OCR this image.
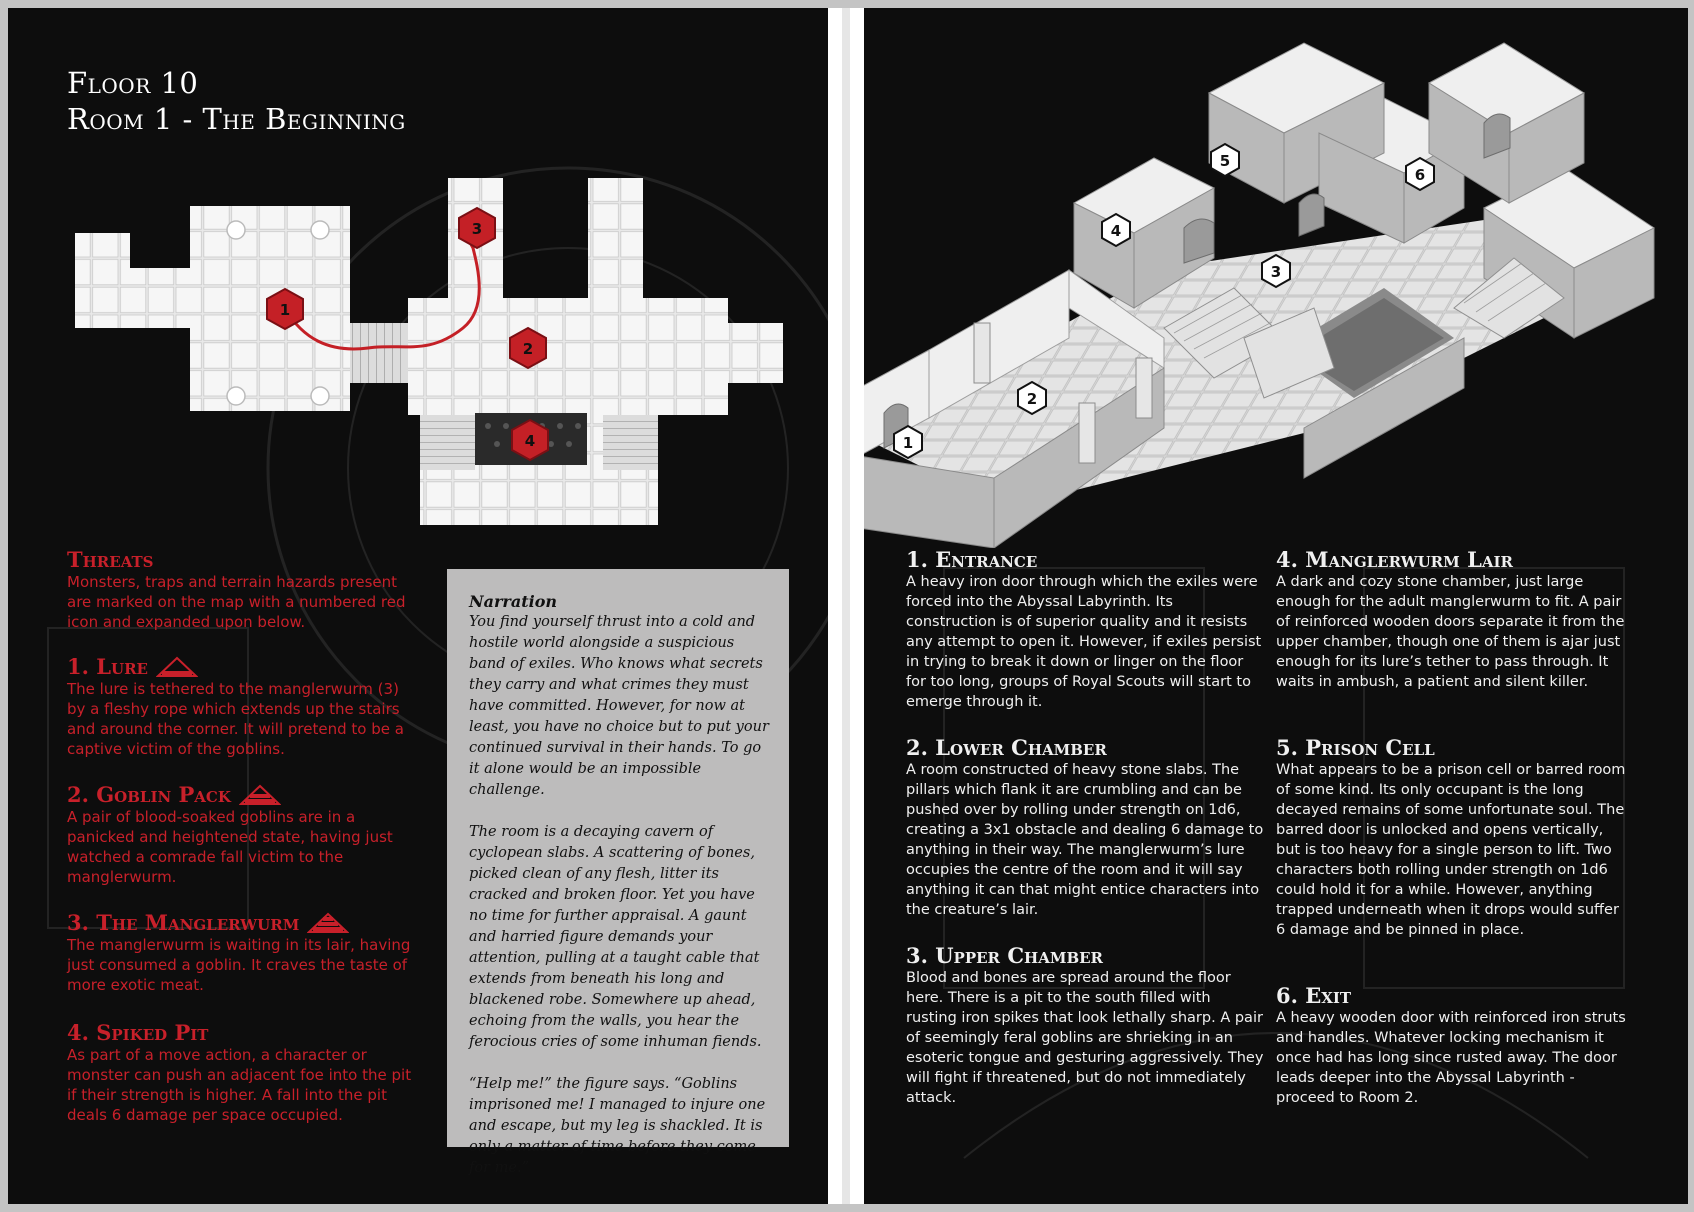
Floor 10
Room 1 - The Beginning
1
2
3
4
Threats

Monsters, traps and terrain hazards present are marked on the map with a numbered red icon and expanded upon below.

1. Lure

The lure is tethered to the manglerwurm (3) by a fleshy rope which extends up the stairs and around the corner. It will pretend to be a captive victim of the goblins.

2. Goblin Pack

A pair of blood-soaked goblins are in a panicked and heightened state, having just watched a comrade fall victim to the manglerwurm.

3. The Manglerwurm

The manglerwurm is waiting in its lair, having just consumed a goblin. It craves the taste of more exotic meat.

4. Spiked Pit

As part of a move action, a character or monster can push an adjacent foe into the pit if their strength is higher. A fall into the pit deals 6 damage per space occupied.

Narration

You find yourself thrust into a cold and hostile world alongside a suspicious band of exiles. Who knows what secrets they carry and what crimes they must have committed. However, for now at least, you have no choice but to put your continued survival in their hands. To go it alone would be an impossible challenge.

The room is a decaying cavern of cyclopean slabs. A scattering of bones, picked clean of any flesh, litter its cracked and broken floor. Yet you have no time for further appraisal. A gaunt and harried figure demands your attention, pulling at a taught cable that extends from beneath his long and blackened robe. Somewhere up ahead, echoing from the walls, you hear the ferocious cries of some inhuman fiends.

“Help me!” the figure says. “Goblins imprisoned me! I managed to injure one and escape, but my leg is shackled. It is only a matter of time before they come for me.”

1
2
3
4
5
6
1. Entrance

A heavy iron door through which the exiles were forced into the Abyssal Labyrinth. Its construction is of superior quality and it resists any attempt to open it. However, if exiles persist in trying to break it down or linger on the floor for too long, groups of Royal Scouts will start to emerge through it.

2. Lower Chamber

A room constructed of heavy stone slabs. The pillars which flank it are crumbling and can be pushed over by rolling under strength on 1d6, creating a 3x1 obstacle and dealing 6 damage to anything in their way. The manglerwurm’s lure occupies the centre of the room and it will say anything it can that might entice characters into the creature’s lair.

3. Upper Chamber

Blood and bones are spread around the floor here. There is a pit to the south filled with rusting iron spikes that look lethally sharp. A pair of seemingly feral goblins are shrieking in an esoteric tongue and gesturing aggressively. They will fight if threatened, but do not immediately attack.

4. Manglerwurm Lair

A dark and cozy stone chamber, just large enough for the adult manglerwurm to fit. A pair of reinforced wooden doors separate it from the upper chamber, though one of them is ajar just enough for its lure’s tether to pass through. It waits in ambush, a patient and silent killer.

5. Prison Cell

What appears to be a prison cell or barred room of some kind. Its only occupant is the long decayed remains of some unfortunate soul. The barred door is unlocked and opens vertically, but is too heavy for a single person to lift. Two characters both rolling under strength on 1d6 could hold it for a while. However, anything trapped underneath when it drops would suffer 6 damage and be pinned in place.

6. Exit

A heavy wooden door with reinforced iron struts and handles. Whatever locking mechanism it once had has long since rusted away. The door leads deeper into the Abyssal Labyrinth - proceed to Room 2.
